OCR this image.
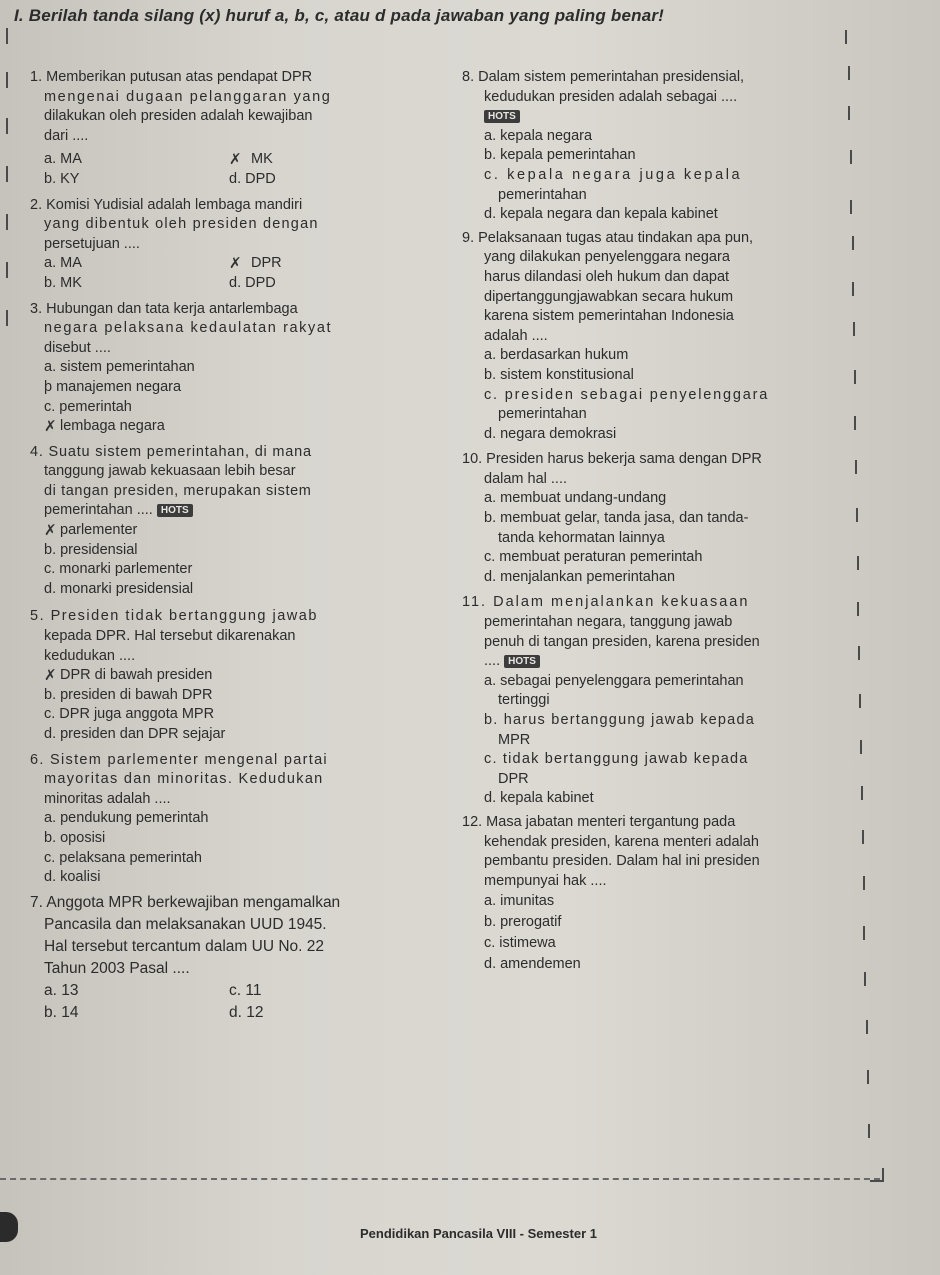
I. Berilah tanda silang (x) huruf a, b, c, atau d pada jawaban yang paling benar!
1. Memberikan putusan atas pendapat DPR
mengenai dugaan pelanggaran yang
dilakukan oleh presiden adalah kewajiban
dari ....
a. MA	✗ MK
b. KY	d. DPD
2. Komisi Yudisial adalah lembaga mandiri
yang dibentuk oleh presiden dengan
persetujuan ....
a. MA	✗ DPR
b. MK	d. DPD
3. Hubungan dan tata kerja antarlembaga
negara pelaksana kedaulatan rakyat
disebut ....
a. sistem pemerintahan
þ manajemen negara
c. pemerintah
✗ lembaga negara
4. Suatu sistem pemerintahan, di mana
tanggung jawab kekuasaan lebih besar
di tangan presiden, merupakan sistem
pemerintahan .... HOTS
✗ parlementer
b. presidensial
c. monarki parlementer
d. monarki presidensial
5. Presiden tidak bertanggung jawab
kepada DPR. Hal tersebut dikarenakan
kedudukan ....
✗ DPR di bawah presiden
b. presiden di bawah DPR
c. DPR juga anggota MPR
d. presiden dan DPR sejajar
6. Sistem parlementer mengenal partai
mayoritas dan minoritas. Kedudukan
minoritas adalah ....
a. pendukung pemerintah
b. oposisi
c. pelaksana pemerintah
d. koalisi
7. Anggota MPR berkewajiban mengamalkan
Pancasila dan melaksanakan UUD 1945.
Hal tersebut tercantum dalam UU No. 22
Tahun 2003 Pasal ....
a. 13	c. 11
b. 14	d. 12
8. Dalam sistem pemerintahan presidensial,
kedudukan presiden adalah sebagai ....
HOTS
a. kepala negara
b. kepala pemerintahan
c. kepala negara juga kepala
pemerintahan
d. kepala negara dan kepala kabinet
9. Pelaksanaan tugas atau tindakan apa pun,
yang dilakukan penyelenggara negara
harus dilandasi oleh hukum dan dapat
dipertanggungjawabkan secara hukum
karena sistem pemerintahan Indonesia
adalah ....
a. berdasarkan hukum
b. sistem konstitusional
c. presiden sebagai penyelenggara
pemerintahan
d. negara demokrasi
10. Presiden harus bekerja sama dengan DPR
dalam hal ....
a. membuat undang-undang
b. membuat gelar, tanda jasa, dan tanda-
tanda kehormatan lainnya
c. membuat peraturan pemerintah
d. menjalankan pemerintahan
11. Dalam menjalankan kekuasaan
pemerintahan negara, tanggung jawab
penuh di tangan presiden, karena presiden
.... HOTS
a. sebagai penyelenggara pemerintahan
tertinggi
b. harus bertanggung jawab kepada
MPR
c. tidak bertanggung jawab kepada
DPR
d. kepala kabinet
12. Masa jabatan menteri tergantung pada
kehendak presiden, karena menteri adalah
pembantu presiden. Dalam hal ini presiden
mempunyai hak ....
a. imunitas
b. prerogatif
c. istimewa
d. amendemen
Pendidikan Pancasila VIII - Semester 1
